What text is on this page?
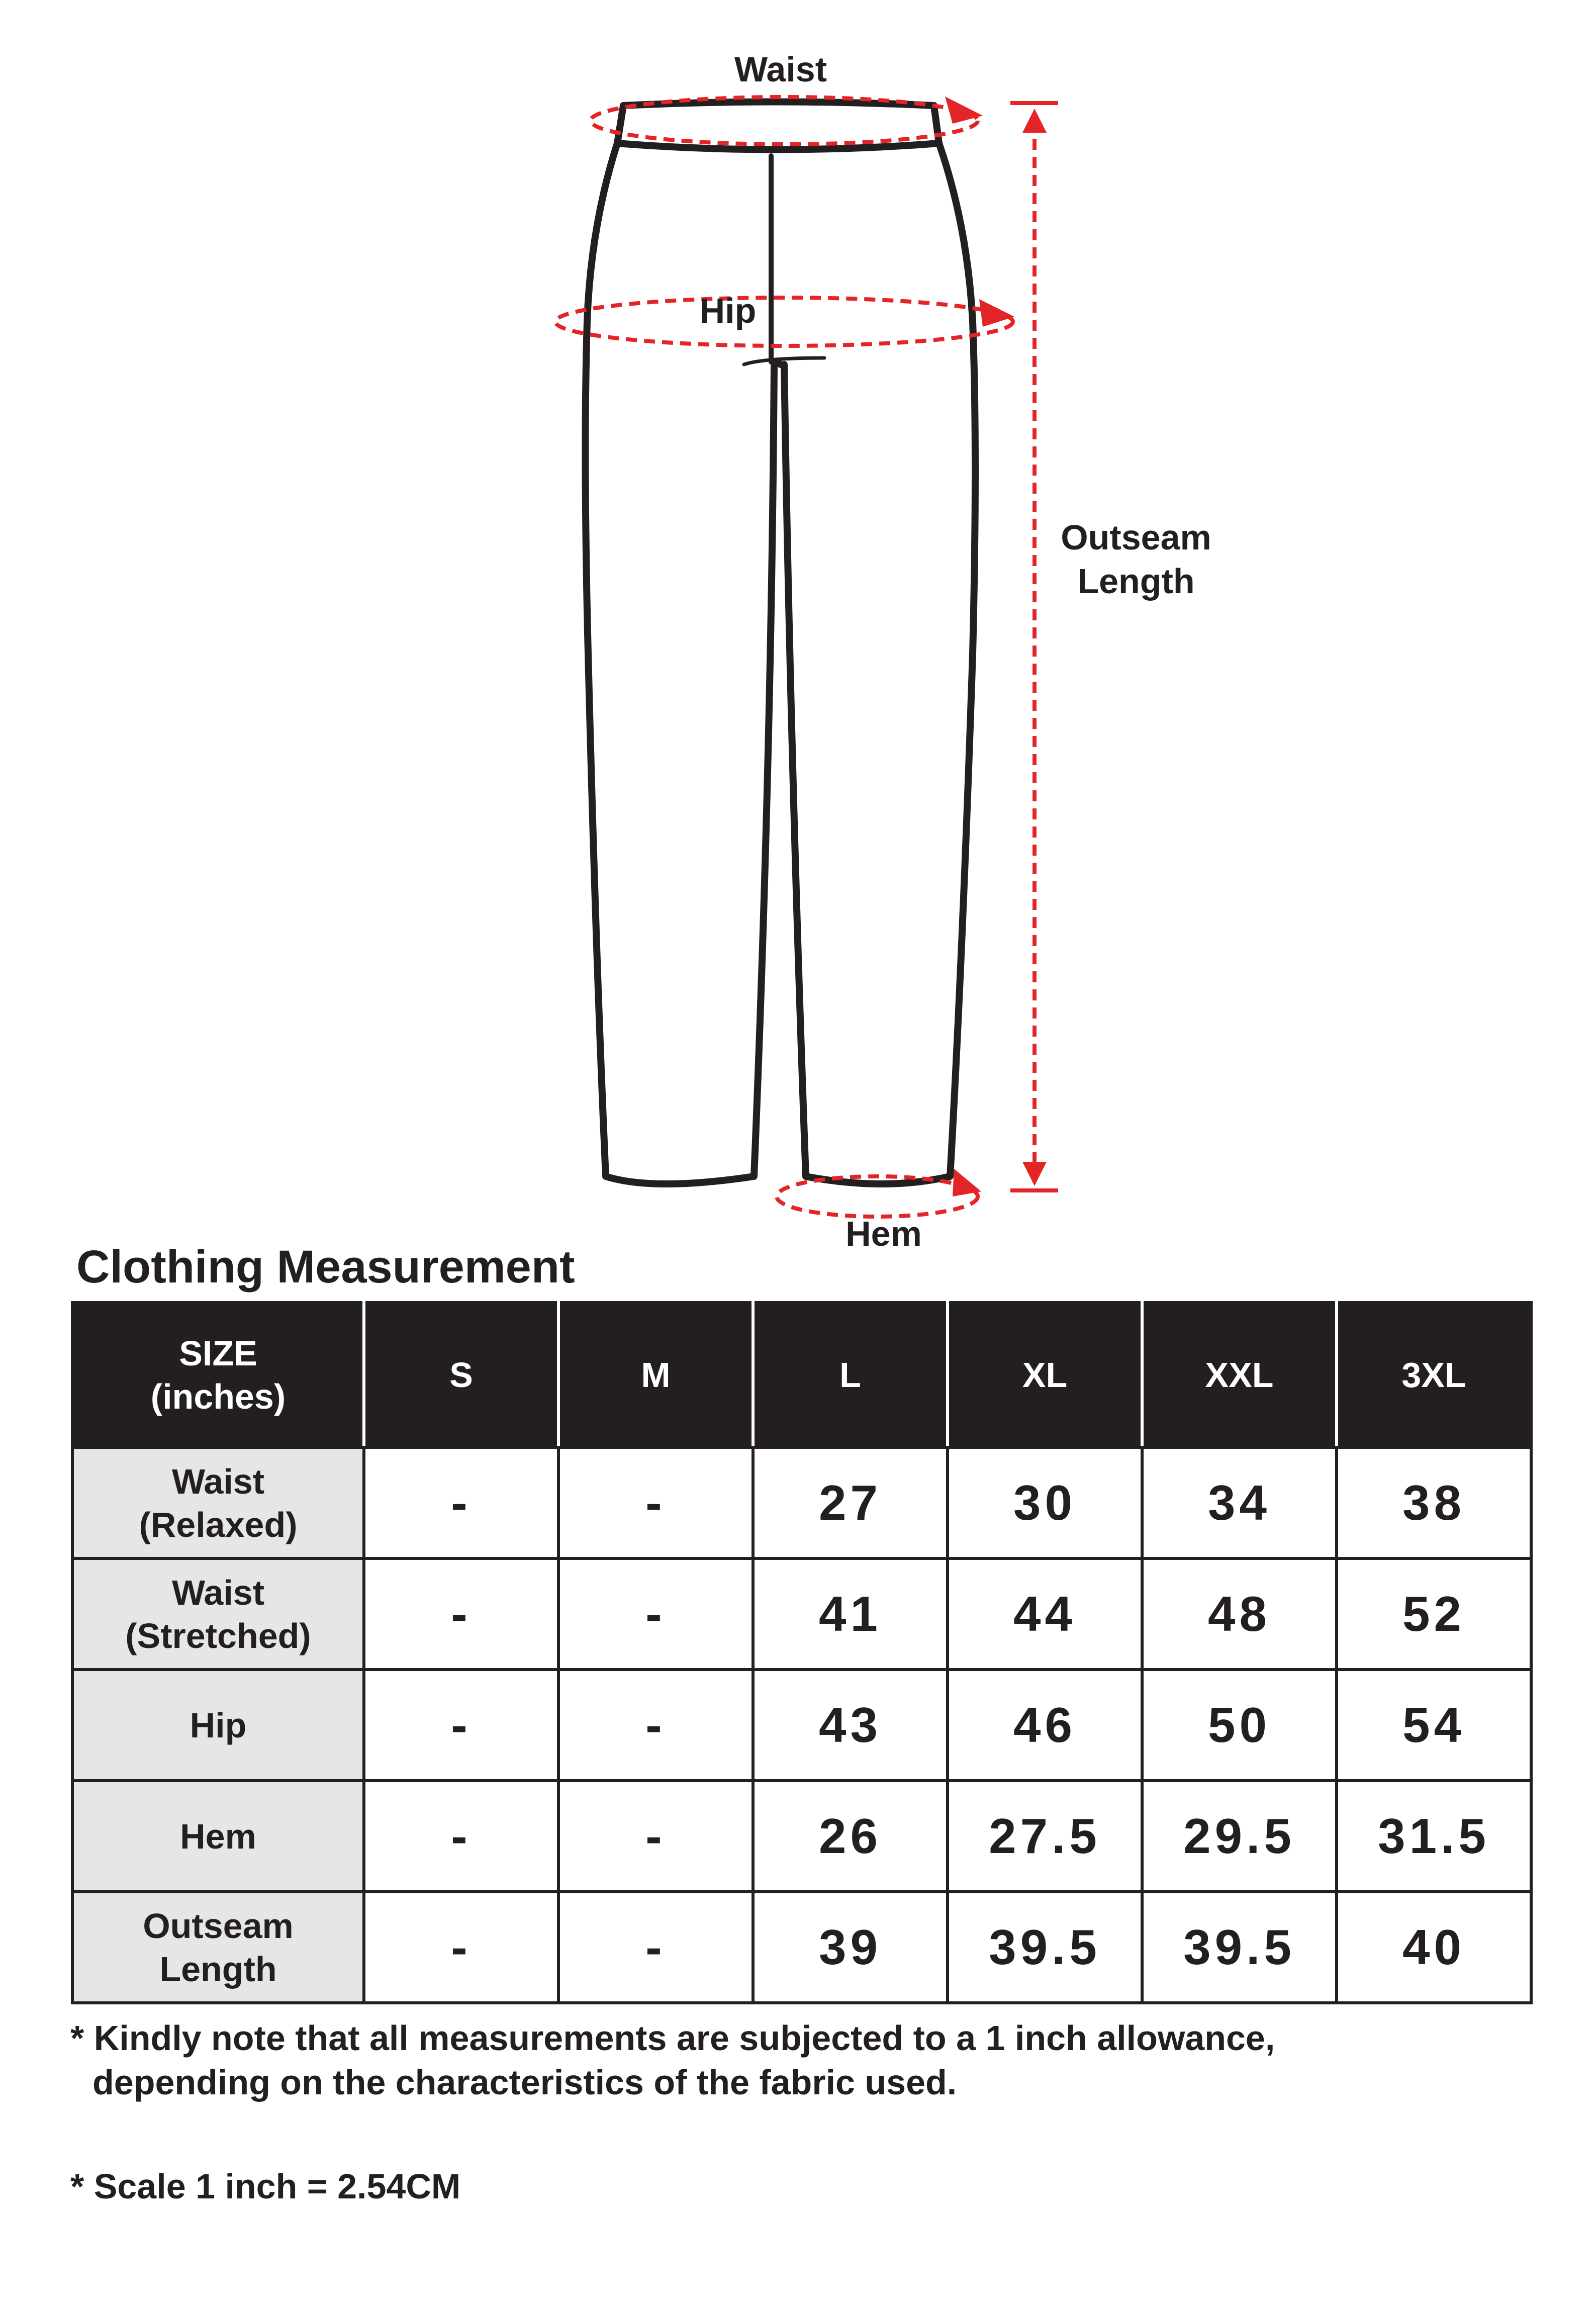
Waist
Hip
Outseam
Length
Hem
Clothing Measurement
SIZE
(inches)	S	M	L	XL	XXL	3XL

Waist
(Relaxed)	-	-	27	30	34	38

Waist
(Stretched)	-	-	41	44	48	52

Hip	-	-	43	46	50	54

Hem	-	-	26	27.5	29.5	31.5

Outseam
Length	-	-	39	39.5	39.5	40
* Kindly note that all measurements are subjected to a 1 inch allowance,
depending on the characteristics of the fabric used.
* Scale 1 inch = 2.54CM
